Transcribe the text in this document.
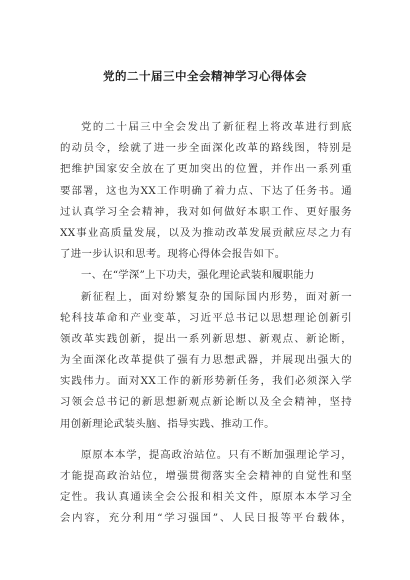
党的二十届三中全会精神学习心得体会
党的二十届三中全会发出了新征程上将改革进行到底
的动员令，绘就了进一步全面深化改革的路线图，特别是
把维护国家安全放在了更加突出的位置，并作出一系列重
要部署，这也为XX工作明确了着力点、下达了任务书。通
过认真学习全会精神，我对如何做好本职工作、更好服务
XX事业高质量发展，以及为推动改革发展贡献应尽之力有
了进一步认识和思考。现将心得体会报告如下。
一、在“学深”上下功夫，强化理论武装和履职能力
新征程上，面对纷繁复杂的国际国内形势，面对新一
轮科技革命和产业变革，习近平总书记以思想理论创新引
领改革实践创新，提出一系列新思想、新观点、新论断，
为全面深化改革提供了强有力思想武器，并展现出强大的
实践伟力。面对XX工作的新形势新任务，我们必须深入学
习领会总书记的新思想新观点新论断以及全会精神，坚持
用创新理论武装头脑、指导实践、推动工作。
原原本本学，提高政治站位。只有不断加强理论学习，
才能提高政治站位，增强贯彻落实全会精神的自觉性和坚
定性。我认真通读全会公报和相关文件，原原本本学习全
会内容，充分利用“学习强国”、人民日报等平台载体，
